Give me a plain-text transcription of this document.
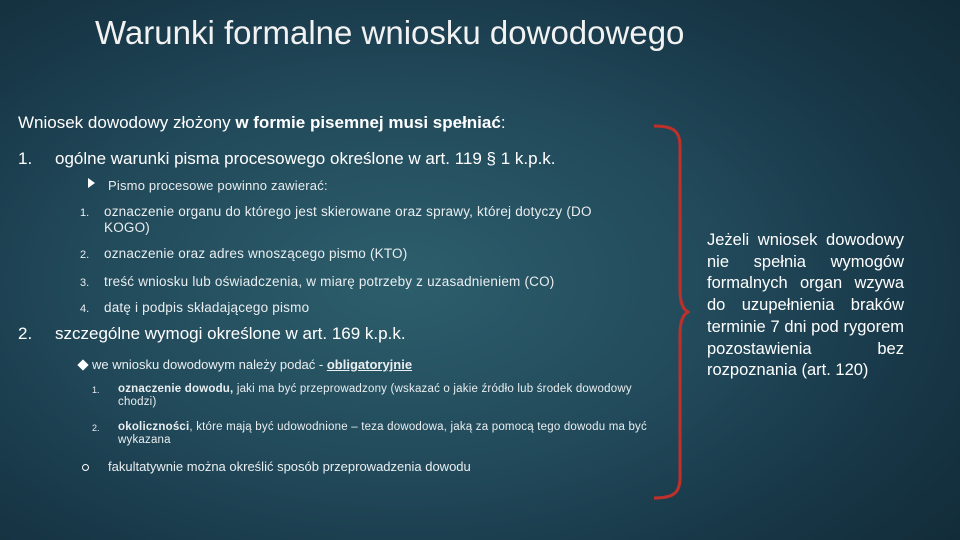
Warunki formalne wniosku dowodowego
Wniosek dowodowy złożony w formie pisemnej musi spełniać:
1. ogólne warunki pisma procesowego określone w art. 119 § 1 k.p.k.
Pismo procesowe powinno zawierać:
1. oznaczenie organu do którego jest skierowane oraz sprawy, której dotyczy (DO KOGO)
2. oznaczenie oraz adres wnoszącego pismo (KTO)
3. treść wniosku lub oświadczenia, w miarę potrzeby z uzasadnieniem (CO)
4. datę i podpis składającego pismo
2. szczególne wymogi określone w art. 169 k.p.k.
we wniosku dowodowym należy podać - obligatoryjnie
1. oznaczenie dowodu, jaki ma być przeprowadzony (wskazać o jakie źródło lub środek dowodowy chodzi)
2. okoliczności, które mają być udowodnione – teza dowodowa, jaką za pomocą tego dowodu ma być wykazana
fakultatywnie można określić sposób przeprowadzenia dowodu
Jeżeli wniosek dowodowy nie spełnia wymogów formalnych organ wzywa do uzupełnienia braków terminie 7 dni pod rygorem pozostawienia bez rozpoznania (art. 120)
